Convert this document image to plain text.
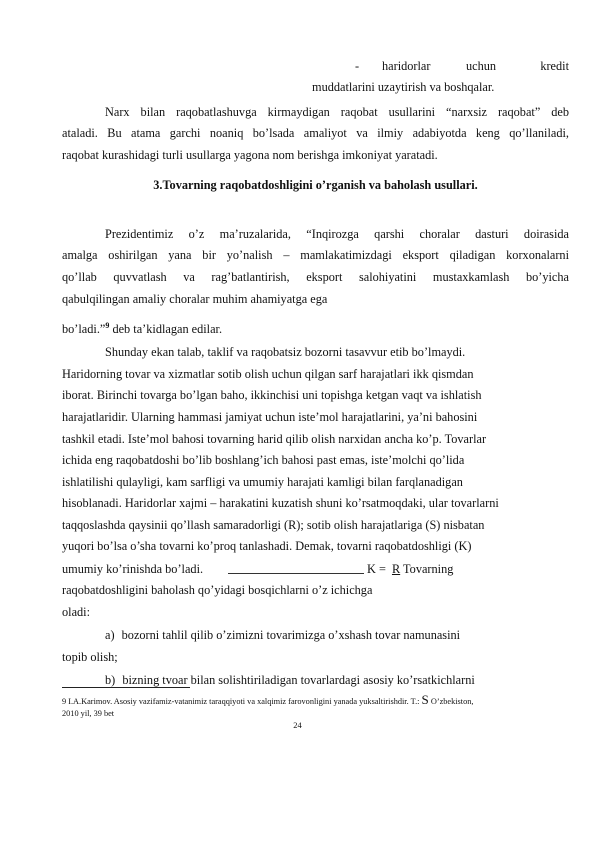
- haridorlar	uchun	kredit
muddatlarini uzaytirish va boshqalar.
Narx bilan raqobatlashuvga kirmaydigan raqobat usullarini “narxsiz raqobat” deb
ataladi. Bu atama garchi noaniq bo’lsada amaliyot va ilmiy adabiyotda keng qo’llaniladi,
raqobat kurashidagi turli usullarga yagona nom berishga imkoniyat yaratadi.
3.Tovarning raqobatdoshligini o’rganish va baholash usullari.
Prezidentimiz o’z ma’ruzalarida, “Inqirozga qarshi choralar dasturi doirasida
amalga oshirilgan yana bir yo’nalish – mamlakatimizdagi eksport qiladigan korxonalarni
qo’llab quvvatlash va rag’batlantirish, eksport salohiyatini mustaxkamlash bo’yicha
qabulqilingan amaliy choralar muhim ahamiyatga ega
bo’ladi.”$^9$ deb ta’kidlagan edilar.
Shunday ekan talab, taklif va raqobatsiz bozorni tasavvur etib bo’lmaydi.
Haridorning tovar va xizmatlar sotib olish uchun qilgan sarf harajatlari ikk qismdan
iborat. Birinchi tovarga bo’lgan baho, ikkinchisi uni topishga ketgan vaqt va ishlatish
harajatlaridir. Ularning hammasi jamiyat uchun iste’mol harajatlarini, ya’ni bahosini
tashkil etadi. Iste’mol bahosi tovarning harid qilib olish narxidan ancha ko’p. Tovarlar
ichida eng raqobatdoshi bo’lib boshlang’ich bahosi past emas, iste’molchi qo’lida
ishlatilishi qulayligi, kam sarfligi va umumiy harajati kamligi bilan farqlanadigan
hisoblanadi. Haridorlar xajmi – harakatini kuzatish shuni ko’rsatmoqdaki, ular tovarlarni
taqqoslashda qaysinii qo’llash samaradorligi (R); sotib olish harajatlariga (S) nisbatan
yuqori bo’lsa o’sha tovarni ko’proq tanlashadi. Demak, tovarni raqobatdoshligi (K)
umumiy ko’rinishda bo’ladi.	K = R Tovarning
raqobatdoshligini baholash qo’yidagi bosqichlarni o’z ichichga
oladi:
a) bozorni tahlil qilib o’zimizni tovarimizga o’xshash tovar namunasini
topib olish;
b) bizning tvoar bilan solishtiriladigan tovarlardagi asosiy ko’rsatkichlarni
9 I.A.Karimov. Asosiy vazifamiz-vatanimiz taraqqiyoti va xalqimiz farovonligini yanada yuksaltirishdir. T.: S O’zbekiston,
2010 yil, 39 bet
24
